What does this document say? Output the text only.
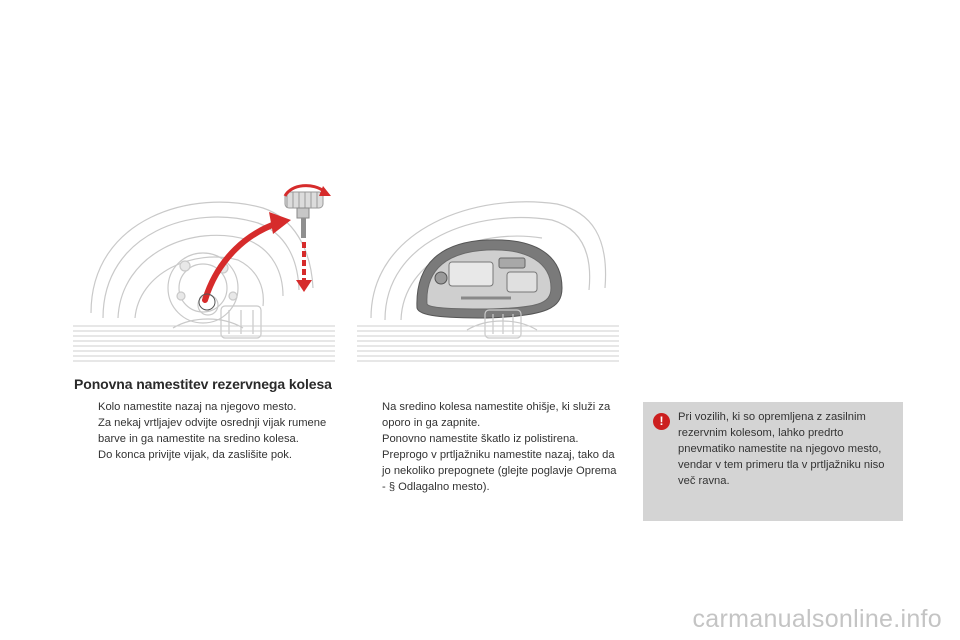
Ponovna namestitev rezervnega kolesa
Kolo namestite nazaj na njegovo mesto.
Za nekaj vrtljajev odvijte osrednji vijak rumene barve in ga namestite na sredino kolesa.
Do konca privijte vijak, da zaslišite pok.
Na sredino kolesa namestite ohišje, ki služi za oporo in ga zapnite.
Ponovno namestite škatlo iz polistirena.
Preprogo v prtljažniku namestite nazaj, tako da jo nekoliko prepognete (glejte poglavje Oprema - § Odlagalno mesto).
!	Pri vozilih, ki so opremljena z zasilnim rezervnim kolesom, lahko predrto pnevmatiko namestite na njegovo mesto, vendar v tem primeru tla v prtljažniku niso več ravna.
carmanualsonline.info
